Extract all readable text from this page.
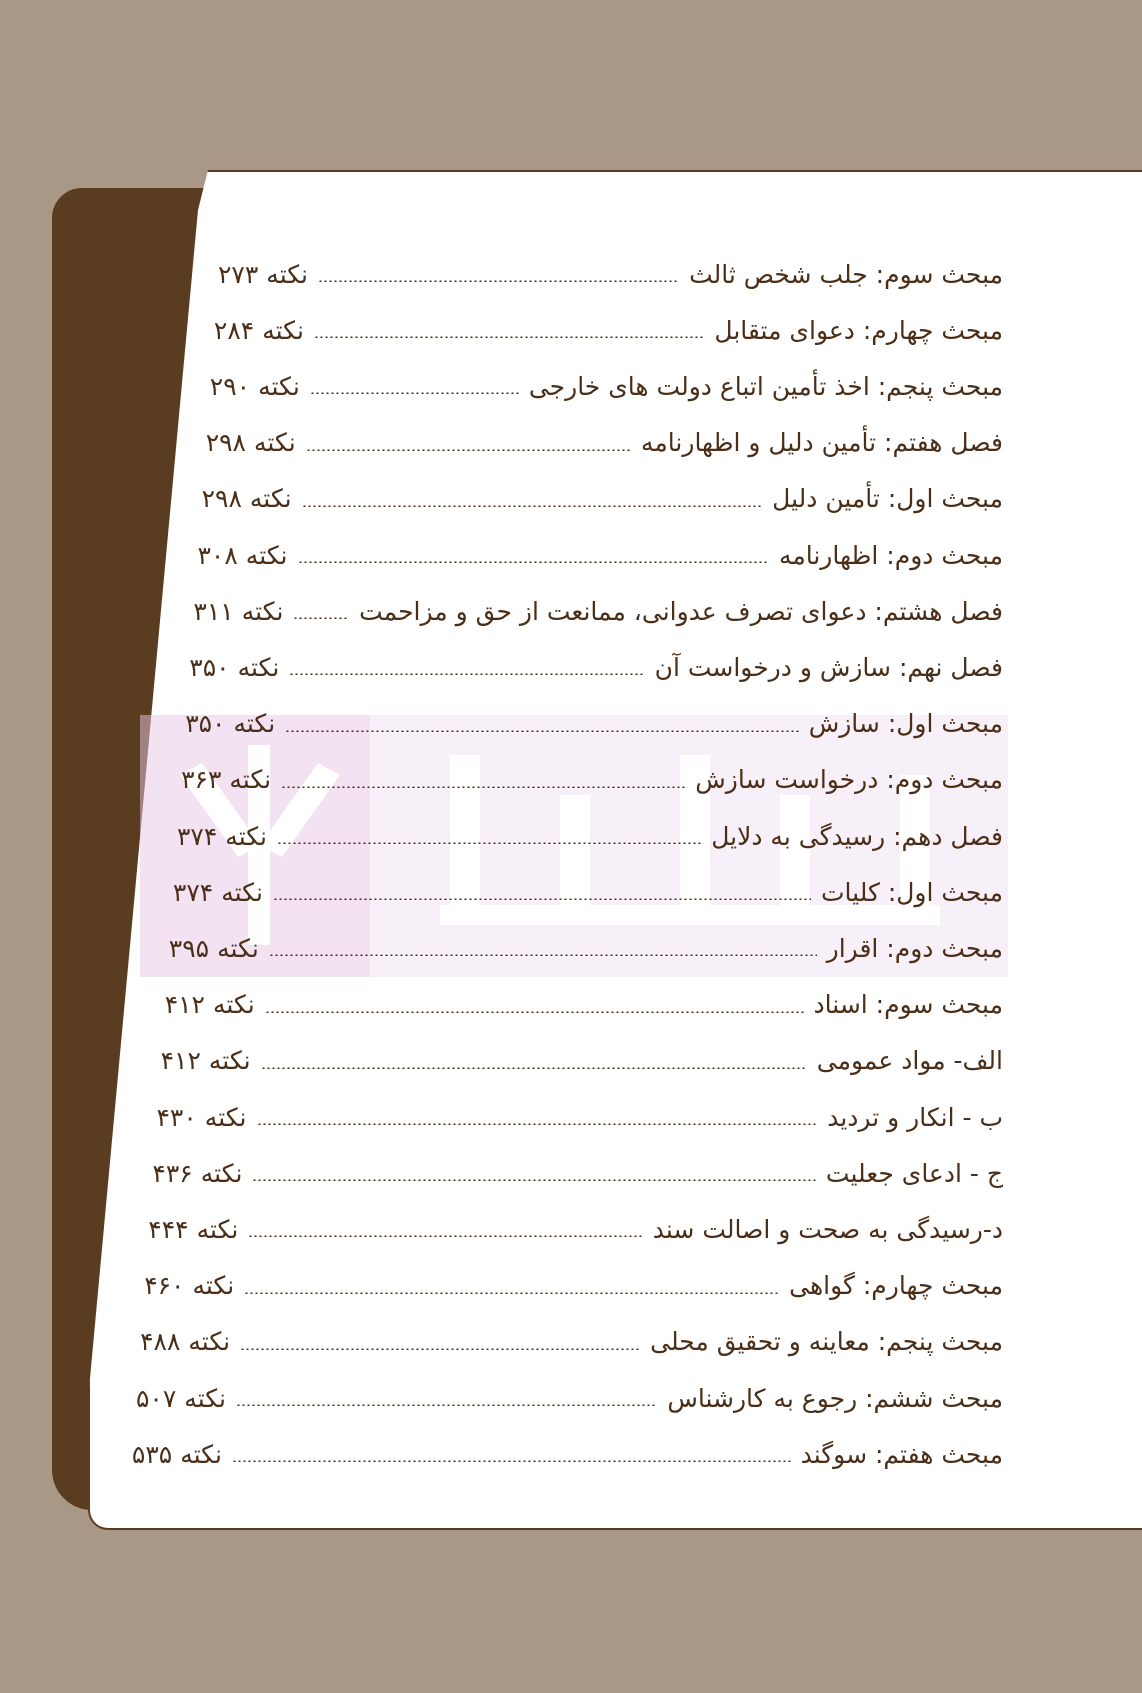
مبحث سوم: جلب شخص ثالث
نکته
۲۷۳
مبحث چهارم: دعوای متقابل
نکته
۲۸۴
مبحث پنجم: اخذ تأمین اتباع دولت های خارجی
نکته
۲۹۰
فصل هفتم: تأمین دلیل و اظهارنامه
نکته
۲۹۸
مبحث اول: تأمین دلیل
نکته
۲۹۸
مبحث دوم: اظهارنامه
نکته
۳۰۸
فصل هشتم: دعوای تصرف عدوانی، ممانعت از حق و مزاحمت
نکته
۳۱۱
فصل نهم: سازش و درخواست آن
نکته
۳۵۰
مبحث اول: سازش
نکته
۳۵۰
مبحث دوم: درخواست سازش
نکته
۳۶۳
فصل دهم: رسیدگی به دلایل
نکته
۳۷۴
مبحث اول: کلیات
نکته
۳۷۴
مبحث دوم: اقرار
نکته
۳۹۵
مبحث سوم: اسناد
نکته
۴۱۲
الف- مواد عمومی
نکته
۴۱۲
ب - انکار و تردید
نکته
۴۳۰
ج - ادعای جعلیت
نکته
۴۳۶
د-رسیدگی به صحت و اصالت سند
نکته
۴۴۴
مبحث چهارم: گواهی
نکته
۴۶۰
مبحث پنجم: معاینه و تحقیق محلی
نکته
۴۸۸
مبحث ششم: رجوع به کارشناس
نکته
۵۰۷
مبحث هفتم: سوگند
نکته
۵۳۵
